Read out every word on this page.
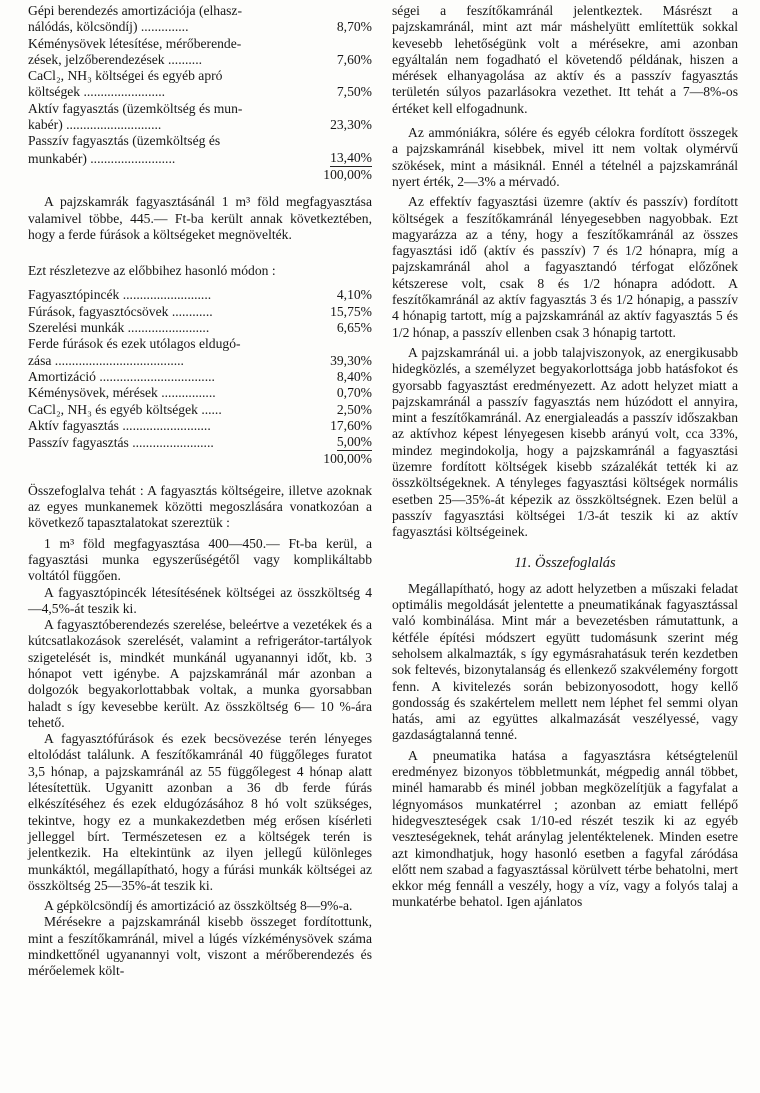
Gépi berendezés amortizációja (elhasz-	
nálódás, kölcsöndíj) ..............	8,70%
Kéménysövek létesítése, mérőberende-	
zések, jelzőberendezések ..........	7,60%
CaCl₂, NH₃ költségei és egyéb apró	
költségek ........................	7,50%
Aktív fagyasztás (üzemköltség és mun-	
kabér) ............................	23,30%
Passzív fagyasztás (üzemköltség és	
munkabér) .........................	13,40%
	100,00%

A pajzskamrák fagyasztásánál 1 m³ föld megfagyasztása valamivel többe, 445.— Ft-ba került annak következtében, hogy a ferde fúrások a költségeket megnövelték.

Ezt részletezve az előbbihez hasonló módon :

Fagyasztópincék ..........................	4,10%
Fúrások, fagyasztócsövek ............	15,75%
Szerelési munkák ........................	6,65%
Ferde fúrások és ezek utólagos eldugó-	
zása ......................................	39,30%
Amortizáció ..................................	8,40%
Kéménysövek, mérések ................	0,70%
CaCl₂, NH₃ és egyéb költségek ......	2,50%
Aktív fagyasztás ..........................	17,60%
Passzív fagyasztás ........................	5,00%
	100,00%

Összefoglalva tehát : A fagyasztás költségeire, illetve azoknak az egyes munkanemek közötti megoszlására vonatkozóan a következő tapasztalatokat szereztük :

1 m³ föld megfagyasztása 400—450.— Ft-ba kerül, a fagyasztási munka egyszerűségétől vagy komplikáltabb voltától függően.

A fagyasztópincék létesítésének költségei az összköltség 4—4,5%-át teszik ki.

A fagyasztóberendezés szerelése, beleértve a vezetékek és a kútcsatlakozások szerelését, valamint a refrigerátor-tartályok szigetelését is, mindkét munkánál ugyanannyi időt, kb. 3 hónapot vett igénybe. A pajzskamránál már azonban a dolgozók begyakorlottabbak voltak, a munka gyorsabban haladt s így kevesebbe került. Az összköltség 6— 10 %-ára tehető.

A fagyasztófúrások és ezek becsövezése terén lényeges eltolódást találunk. A feszítőkamránál 40 függőleges furatot 3,5 hónap, a pajzskamránál az 55 függőlegest 4 hónap alatt létesítettük. Ugyanitt azonban a 36 db ferde fúrás elkészítéséhez és ezek eldugózásához 8 hó volt szükséges, tekintve, hogy ez a munkakezdetben még erősen kísérleti jelleggel bírt. Természetesen ez a költségek terén is jelentkezik. Ha eltekintünk az ilyen jellegű különleges munkáktól, megállapítható, hogy a fúrási munkák költségei az összköltség 25—35%-át teszik ki.

A gépkölcsöndíj és amortizáció az összköltség 8—9%-a.

Mérésekre a pajzskamránál kisebb összeget fordítottunk, mint a feszítőkamránál, mivel a lúgés vízkéménysövek száma mindkettőnél ugyanannyi volt, viszont a mérőberendezés és mérőelemek költ-

ségei a feszítőkamránál jelentkeztek. Másrészt a pajzskamránál, mint azt már máshelyütt említettük sokkal kevesebb lehetőségünk volt a mérésekre, ami azonban egyáltalán nem fogadható el követendő példának, hiszen a mérések elhanyagolása az aktív és a passzív fagyasztás területén súlyos pazarlásokra vezethet. Itt tehát a 7—8%-os értéket kell elfogadnunk.

Az ammóniákra, sólére és egyéb célokra fordított összegek a pajzskamránál kisebbek, mivel itt nem voltak olymérvű szökések, mint a másiknál. Ennél a tételnél a pajzskamránál nyert érték, 2—3% a mérvadó.

Az effektív fagyasztási üzemre (aktív és passzív) fordított költségek a feszítőkamránál lényegesebben nagyobbak. Ezt magyarázza az a tény, hogy a feszítőkamránál az összes fagyasztási idő (aktív és passzív) 7 és 1/2 hónapra, míg a pajzskamránál ahol a fagyasztandó térfogat előzőnek kétszerese volt, csak 8 és 1/2 hónapra adódott. A feszítőkamránál az aktív fagyasztás 3 és 1/2 hónapig, a passzív 4 hónapig tartott, míg a pajzskamránál az aktív fagyasztás 5 és 1/2 hónap, a passzív ellenben csak 3 hónapig tartott.

A pajzskamránál ui. a jobb talajviszonyok, az energikusabb hidegközlés, a személyzet begyakorlottsága jobb hatásfokot és gyorsabb fagyasztást eredményezett. Az adott helyzet miatt a pajzskamránál a passzív fagyasztás nem húzódott el annyira, mint a feszítőkamránál. Az energialeadás a passzív időszakban az aktívhoz képest lényegesen kisebb arányú volt, cca 33%, mindez megindokolja, hogy a pajzskamránál a fagyasztási üzemre fordított költségek kisebb százalékát tették ki az összköltségeknek. A tényleges fagyasztási költségek normális esetben 25—35%-át képezik az összköltségnek. Ezen belül a passzív fagyasztási költségei 1/3-át teszik ki az aktív fagyasztási költségeinek.

11. Összefoglalás

Megállapítható, hogy az adott helyzetben a műszaki feladat optimális megoldását jelentette a pneumatikának fagyasztással való kombinálása. Mint már a bevezetésben rámutattunk, a kétféle építési módszert együtt tudomásunk szerint még seholsem alkalmazták, s így egymásrahatásuk terén kezdetben sok feltevés, bizonytalanság és ellenkező szakvélemény forgott fenn. A kivitelezés során bebizonyosodott, hogy kellő gondosság és szakértelem mellett nem léphet fel semmi olyan hatás, ami az együttes alkalmazását veszélyessé, vagy gazdaságtalanná tenné.

A pneumatika hatása a fagyasztásra kétségtelenül eredményez bizonyos többletmunkát, mégpedig annál többet, minél hamarabb és minél jobban megközelítjük a fagyfalat a légnyomásos munkatérrel ; azonban az emiatt fellépő hidegveszteségek csak 1/10-ed részét teszik ki az egyéb veszteségeknek, tehát aránylag jelentéktelenek. Minden esetre azt kimondhatjuk, hogy hasonló esetben a fagyfal záródása előtt nem szabad a fagyasztással körülvett térbe behatolni, mert ekkor még fennáll a veszély, hogy a víz, vagy a folyós talaj a munkatérbe behatol. Igen ajánlatos
